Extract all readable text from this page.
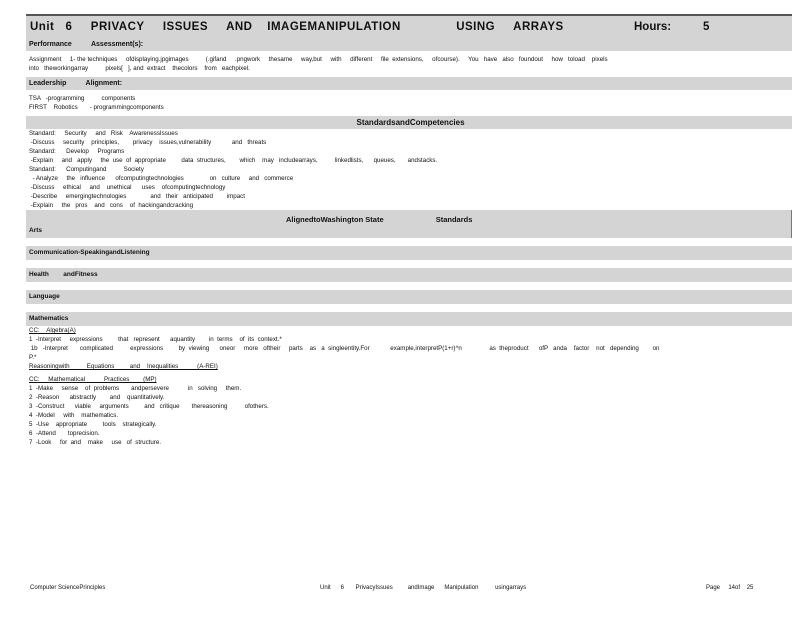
Unit   6     PRIVACY     ISSUES     AND    IMAGEMANIPULATION               USING     ARRAYS	Hours:          5
Performance          Assessment(s):
Assignment     1- the techniques     ofdisplaying.jpgimages          (.gifand     .pngwork     thesame     way,but     with     different     file  extensions,     ofcourse).     You   have   also   foundout     how   toload    pixels
into   theworkingarray          pixels[   ], and  extract    thecolors    from   eachpixel.
Leadership          Alignment:
TSA   -programming          components
FIRST    Robotics       - programmingcomponents
StandardsandCompetencies
Standard:     Security     and   Risk    AwarenessIssues
-Discuss     security    principles,        privacy    issues,vulnerability            and   threats
Standard:      Develop     Programs
-Explain     and   apply     the  use  of  appropriate         data  structures,        which    may   includearrays,          linkedlists,      queues,       andstacks.
Standard:      Computingand          Society
- Analyze     the   influence      ofcomputingtechnologies               on   culture     and   commerce
-Discuss     ethical     and    unethical      uses    ofcomputingtechnology
-Describe     emergingtechnologies              and   their   anticipated        impact
-Explain     the   pros    and   cons    of  hackingandcracking
AlignedtoWashington State                         Standards
Arts
Communication-SpeakingandListening
Health        andFitness
Language
Mathematics
CC:    Algebra(A)
1  -Interpret     expressions         that   represent      aquantity        in  terms    of  its  context.*
1b   -Interpret       complicated          expressions         by  viewing      oneor     more   oftheir     parts    as   a  singleentity.For            example,interpretP(1+r)^n                as  theproduct      ofP   anda    factor    not   depending        on
P.*
Reasoningwith          Equations         and    Inequalities           (A-REI)
CC:     Mathematical           Practices        (MP)
1  -Make     sense    of  problems       andpersevere           in   solving     them.
2  -Reason      abstractly        and    quantitatively.
3  -Construct      viable     arguments         and   critique       thereasoning          ofothers.
4  -Model     with    mathematics.
5  -Use    appropriate         tools    strategically.
6  -Attend       toprecision.
7  -Look     for  and    make     use   of  structure.
Computer SciencePrinciples	Unit      6       PrivacyIssues         andImage      Manipulation          usingarrays	Page     14of    25
